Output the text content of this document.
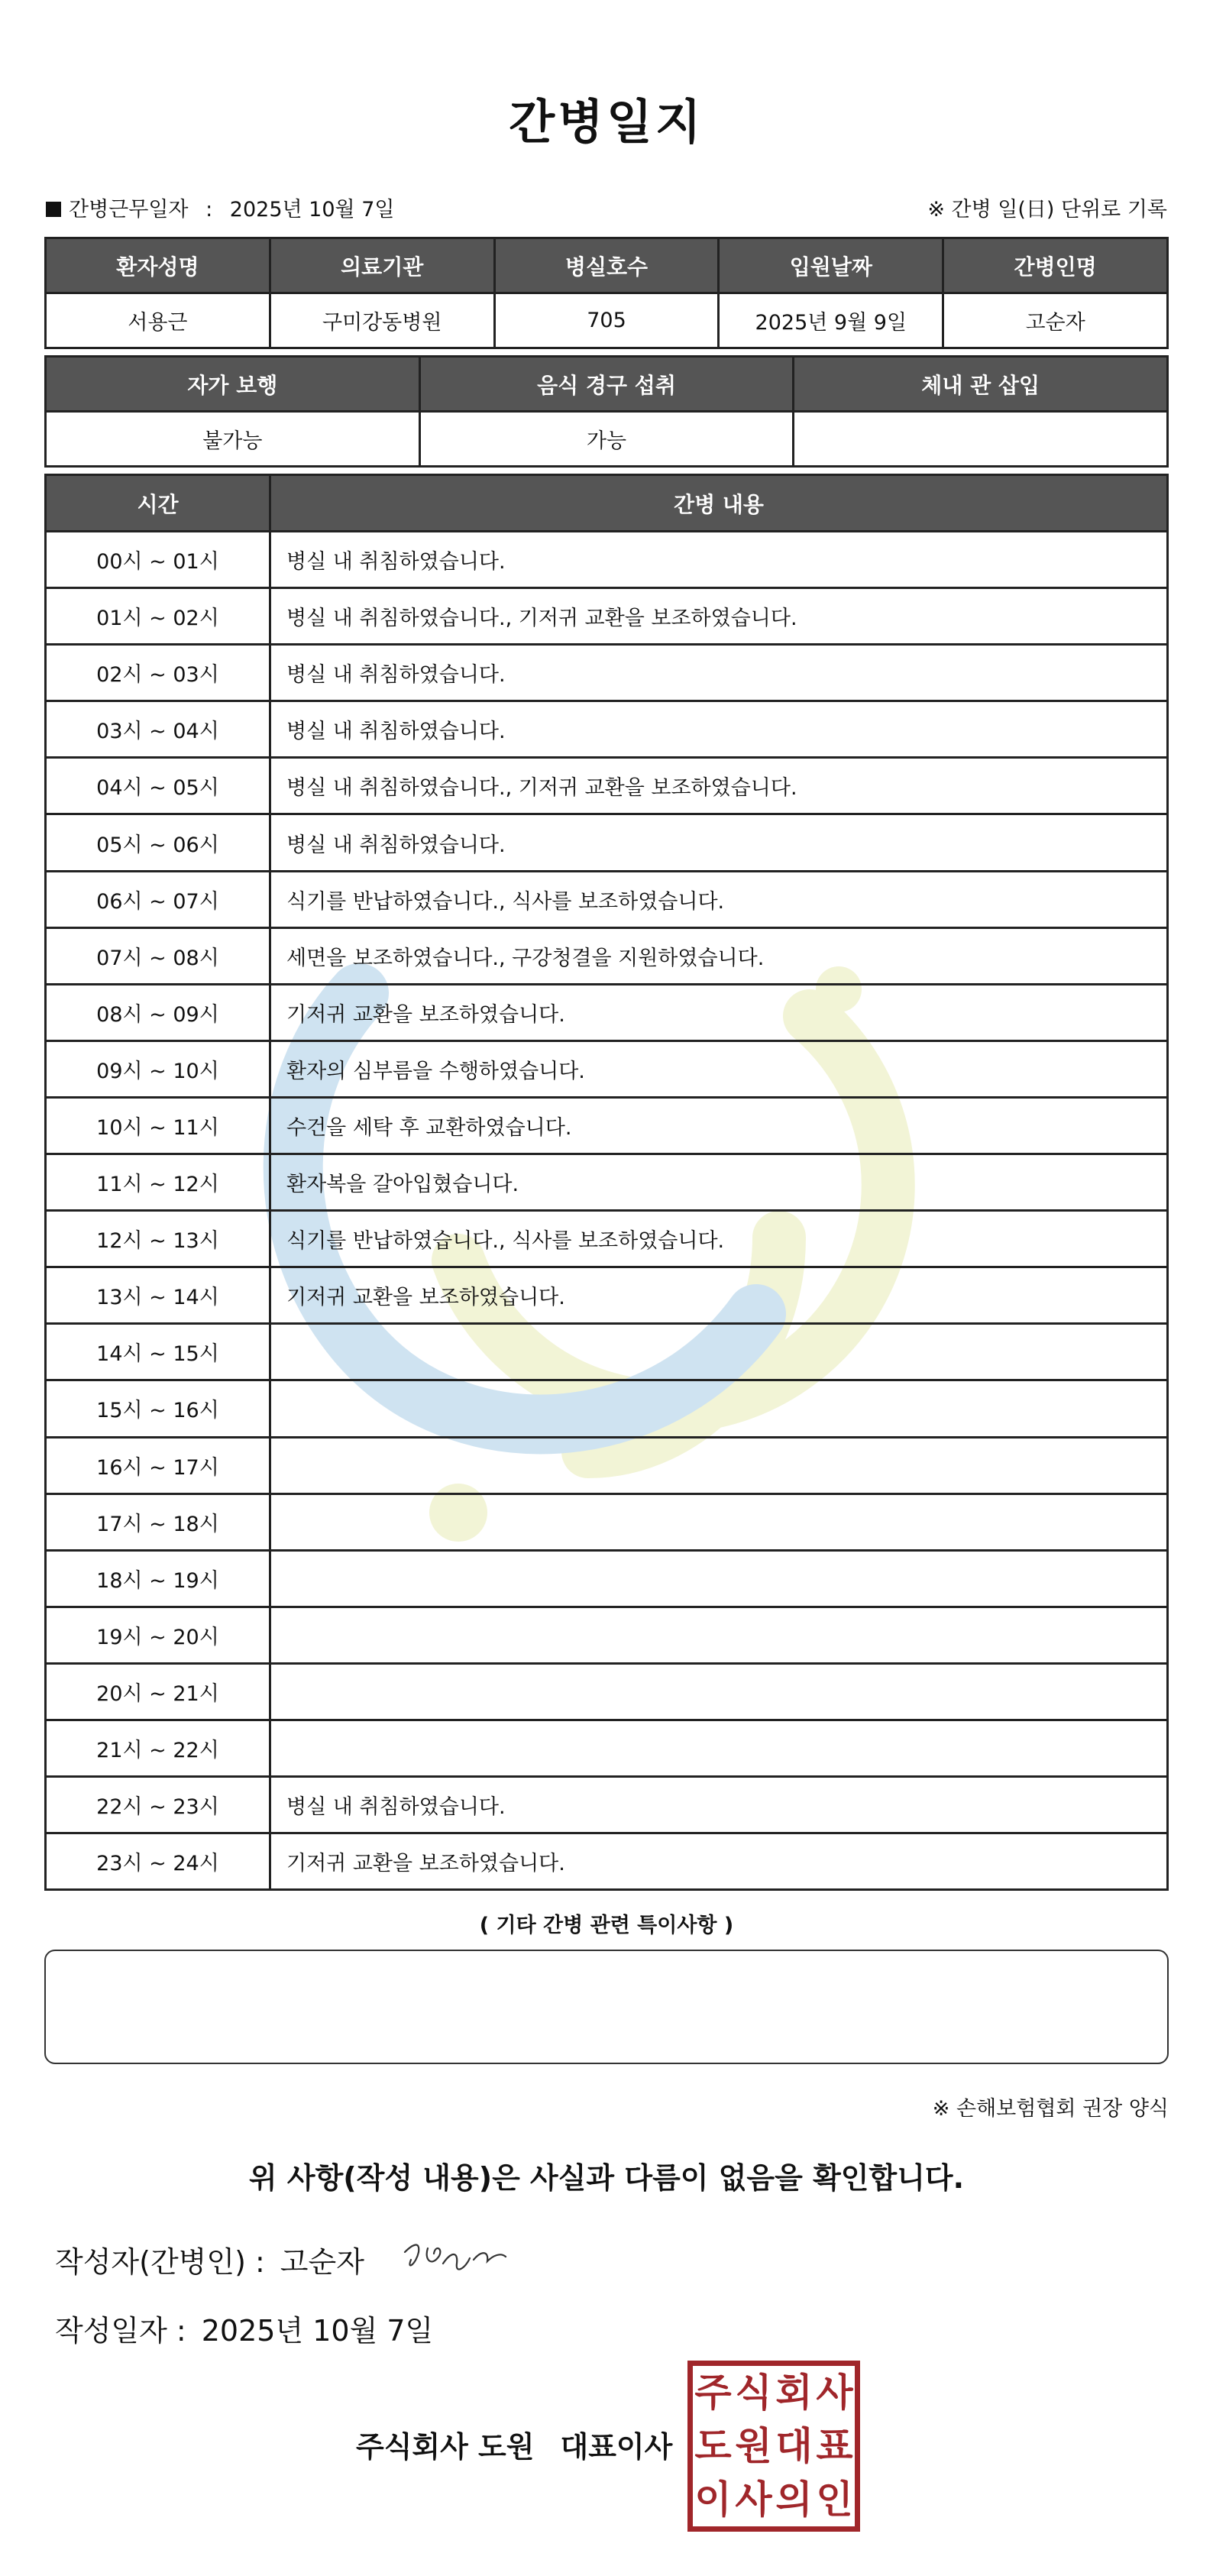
간병일지
간병근무일자 : 2025년 10월 7일	※ 간병 일(日) 단위로 기록
환자성명	의료기관	병실호수	입원날짜	간병인명
서용근	구미강동병원	705	2025년 9월 9일	고순자
자가 보행	음식 경구 섭취	체내 관 삽입
불가능	가능	
시간	간병 내용
00시 ~ 01시	병실 내 취침하였습니다.
01시 ~ 02시	병실 내 취침하였습니다., 기저귀 교환을 보조하였습니다.
02시 ~ 03시	병실 내 취침하였습니다.
03시 ~ 04시	병실 내 취침하였습니다.
04시 ~ 05시	병실 내 취침하였습니다., 기저귀 교환을 보조하였습니다.
05시 ~ 06시	병실 내 취침하였습니다.
06시 ~ 07시	식기를 반납하였습니다., 식사를 보조하였습니다.
07시 ~ 08시	세면을 보조하였습니다., 구강청결을 지원하였습니다.
08시 ~ 09시	기저귀 교환을 보조하였습니다.
09시 ~ 10시	환자의 심부름을 수행하였습니다.
10시 ~ 11시	수건을 세탁 후 교환하였습니다.
11시 ~ 12시	환자복을 갈아입혔습니다.
12시 ~ 13시	식기를 반납하였습니다., 식사를 보조하였습니다.
13시 ~ 14시	기저귀 교환을 보조하였습니다.
14시 ~ 15시	
15시 ~ 16시	
16시 ~ 17시	
17시 ~ 18시	
18시 ~ 19시	
19시 ~ 20시	
20시 ~ 21시	
21시 ~ 22시	
22시 ~ 23시	병실 내 취침하였습니다.
23시 ~ 24시	기저귀 교환을 보조하였습니다.
( 기타 간병 관련 특이사항 )
※ 손해보험협회 권장 양식
위 사항(작성 내용)은 사실과 다름이 없음을 확인합니다.
작성자(간병인) : 고순자
작성일자 : 2025년 10월 7일
주식회사 도원 대표이사
주 식 회 사
도 원 대 표
이 사 의 인
